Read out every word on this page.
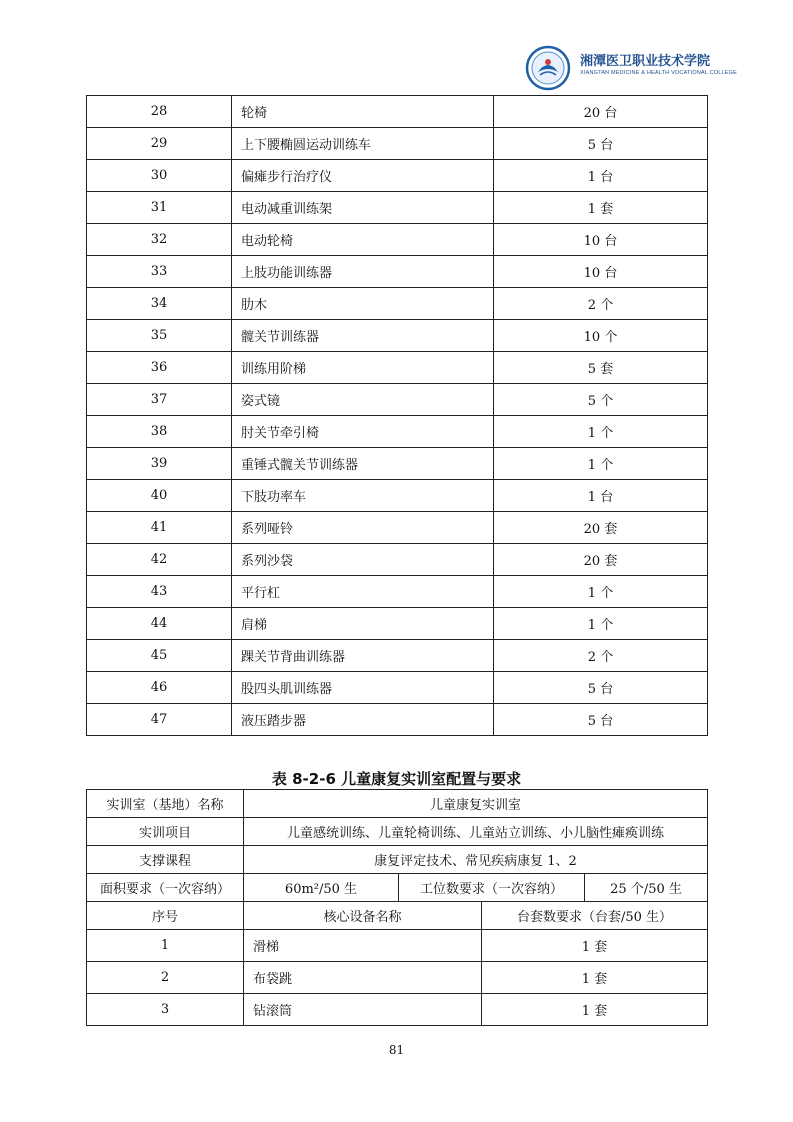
湘潭医卫职业技术学院
XIANGTAN MEDICINE & HEALTH VOCATIONAL COLLEGE
28	轮椅	20 台
29	上下腰椭圆运动训练车	5 台
30	偏瘫步行治疗仪	1 台
31	电动减重训练架	1 套
32	电动轮椅	10 台
33	上肢功能训练器	10 台
34	肋木	2 个
35	髋关节训练器	10 个
36	训练用阶梯	5 套
37	姿式镜	5 个
38	肘关节牵引椅	1 个
39	重锤式髋关节训练器	1 个
40	下肢功率车	1 台
41	系列哑铃	20 套
42	系列沙袋	20 套
43	平行杠	1 个
44	肩梯	1 个
45	踝关节背曲训练器	2 个
46	股四头肌训练器	5 台
47	液压踏步器	5 台
表 8-2-6 儿童康复实训室配置与要求
实训室（基地）名称	儿童康复实训室			
实训项目	儿童感统训练、儿童轮椅训练、儿童站立训练、小儿脑性瘫痪训练			
支撑课程	康复评定技术、常见疾病康复 1、2			
面积要求（一次容纳）	60m²/50 生	工位数要求（一次容纳）		25 个/50 生
序号	核心设备名称		台套数要求（台套/50 生）	
1	滑梯		1 套	
2	布袋跳		1 套	
3	钻滚筒		1 套	
81
